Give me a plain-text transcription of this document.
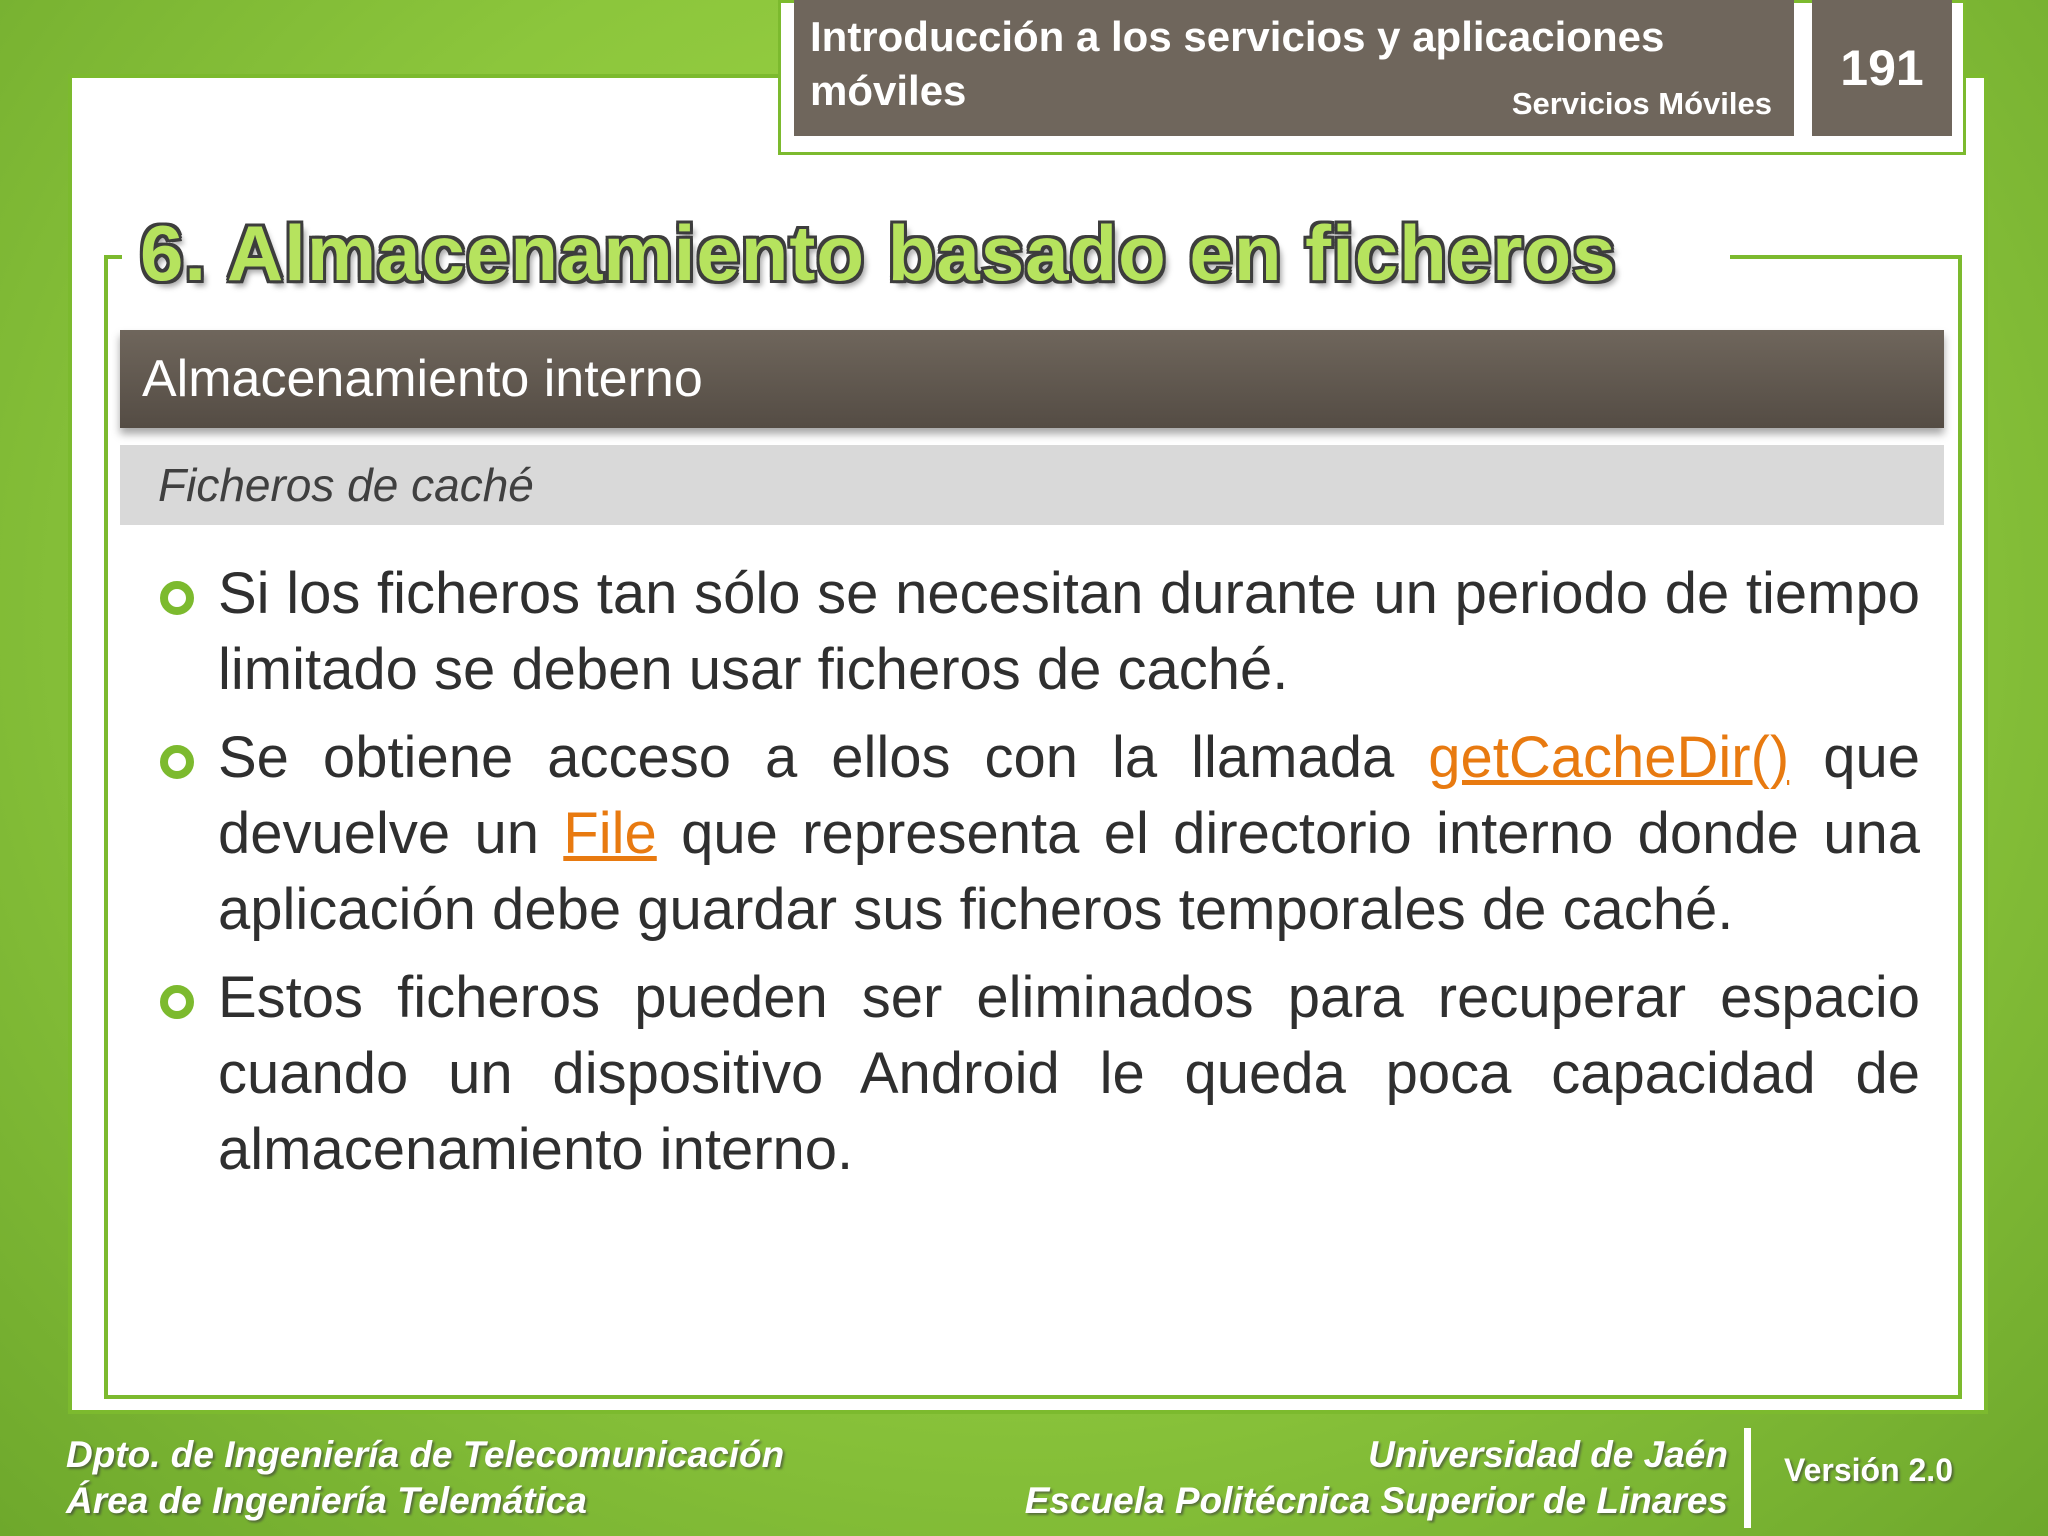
Introducción a los servicios y aplicaciones móviles	Servicios Móviles
191
6. Almacenamiento basado en ficheros
Almacenamiento interno
Ficheros de caché
Si los ficheros tan sólo se necesitan durante un periodo de tiempo limitado se deben usar ficheros de caché.
Se obtiene acceso a ellos con la llamada getCacheDir() que devuelve un File que representa el directorio interno donde una aplicación debe guardar sus ficheros temporales de caché.
Estos ficheros pueden ser eliminados para recuperar espacio cuando un dispositivo Android le queda poca capacidad de almacenamiento interno.
Dpto. de Ingeniería de Telecomunicación
Área de Ingeniería Telemática
Universidad de Jaén
Escuela Politécnica Superior de Linares
Versión 2.0
